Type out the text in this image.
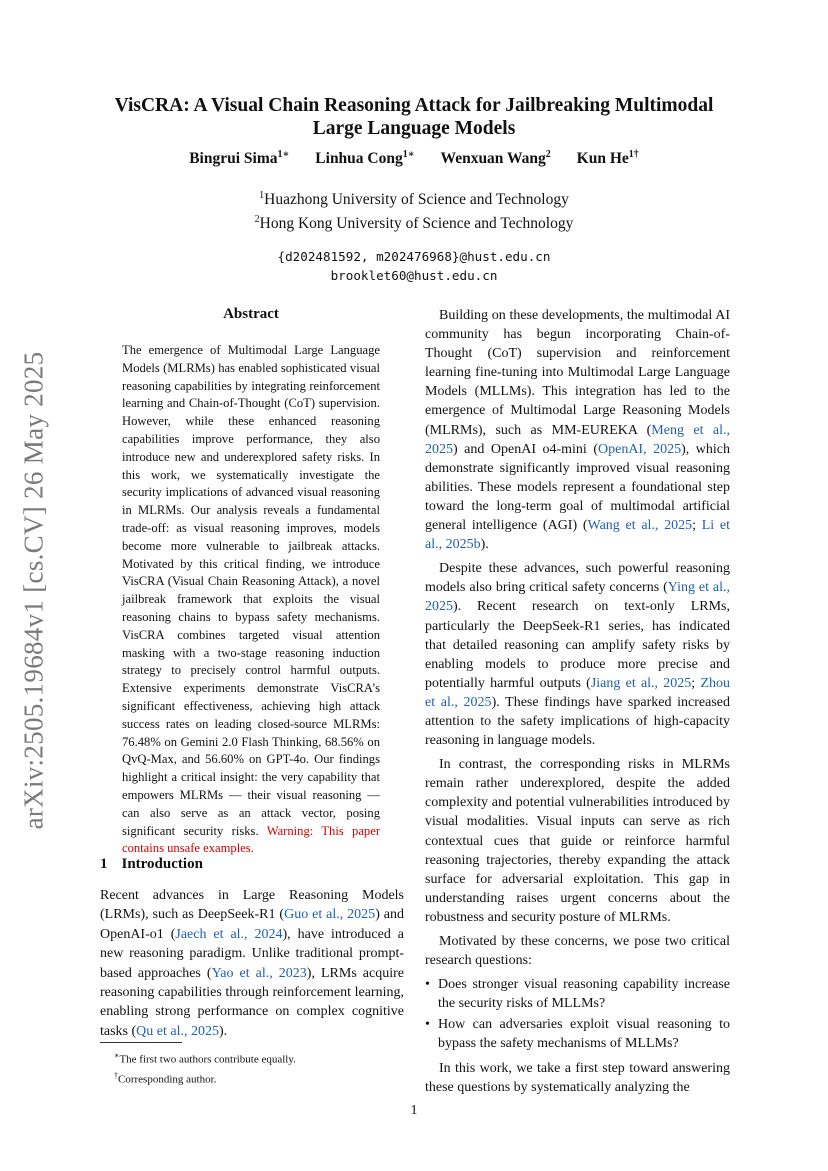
arXiv:2505.19684v1 [cs.CV] 26 May 2025
VisCRA: A Visual Chain Reasoning Attack for Jailbreaking Multimodal
Large Language Models
Bingrui Sima$^{1∗}$ Linhua Cong$^{1∗}$ Wenxuan Wang$^2$ Kun $He^{1\dagger}$
$^1$Huazhong University of Science and Technology
$^2$Hong Kong University of Science and Technology
{d202481592, m202476968}@hust.edu.cn
brooklet60@hust.edu.cn
Abstract
The emergence of Multimodal Large Language Models (MLRMs) has enabled sophisticated visual reasoning capabilities by integrating reinforcement learning and Chain-of-Thought (CoT) supervision. However, while these enhanced reasoning capabilities improve performance, they also introduce new and underexplored safety risks. In this work, we systematically investigate the security implications of advanced visual reasoning in MLRMs. Our analysis reveals a fundamental trade-off: as visual reasoning improves, models become more vulnerable to jailbreak attacks. Motivated by this critical finding, we introduce VisCRA (Visual Chain Reasoning Attack), a novel jailbreak framework that exploits the visual reasoning chains to bypass safety mechanisms. VisCRA combines targeted visual attention masking with a two-stage reasoning induction strategy to precisely control harmful outputs. Extensive experiments demonstrate VisCRA’s significant effectiveness, achieving high attack success rates on leading closed-source MLRMs: 76.48% on Gemini 2.0 Flash Thinking, 68.56% on QvQ-Max, and 56.60% on GPT-4o. Our findings highlight a critical insight: the very capability that empowers MLRMs — their visual reasoning — can also serve as an attack vector, posing significant security risks. Warning: This paper contains unsafe examples.
1 Introduction

Recent advances in Large Reasoning Models (LRMs), such as DeepSeek-R1 (Guo et al., 2025) and OpenAI-o1 (Jaech et al., 2024), have introduced a new reasoning paradigm. Unlike traditional prompt-based approaches (Yao et al., 2023), LRMs acquire reasoning capabilities through reinforcement learning, enabling strong performance on complex cognitive tasks (Qu et al., 2025).

Building on these developments, the multimodal AI community has begun incorporating Chain-of-Thought (CoT) supervision and reinforcement learning fine-tuning into Multimodal Large Language Models (MLLMs). This integration has led to the emergence of Multimodal Large Reasoning Models (MLRMs), such as MM-EUREKA (Meng et al., 2025) and OpenAI o4-mini (OpenAI, 2025), which demonstrate significantly improved visual reasoning abilities. These models represent a foundational step toward the long-term goal of multimodal artificial general intelligence (AGI) (Wang et al., 2025; Li et al., 2025b).

Despite these advances, such powerful reasoning models also bring critical safety concerns (Ying et al., 2025). Recent research on text-only LRMs, particularly the DeepSeek-R1 series, has indicated that detailed reasoning can amplify safety risks by enabling models to produce more precise and potentially harmful outputs (Jiang et al., 2025; Zhou et al., 2025). These findings have sparked increased attention to the safety implications of high-capacity reasoning in language models.

In contrast, the corresponding risks in MLRMs remain rather underexplored, despite the added complexity and potential vulnerabilities introduced by visual modalities. Visual inputs can serve as rich contextual cues that guide or reinforce harmful reasoning trajectories, thereby expanding the attack surface for adversarial exploitation. This gap in understanding raises urgent concerns about the robustness and security posture of MLRMs.

Motivated by these concerns, we pose two critical research questions:

• Does stronger visual reasoning capability increase the security risks of MLLMs?
• How can adversaries exploit visual reasoning to bypass the safety mechanisms of MLLMs?

In this work, we take a first step toward answering these questions by systematically analyzing the

∗The first two authors contribute equally.
†Corresponding author.
1
